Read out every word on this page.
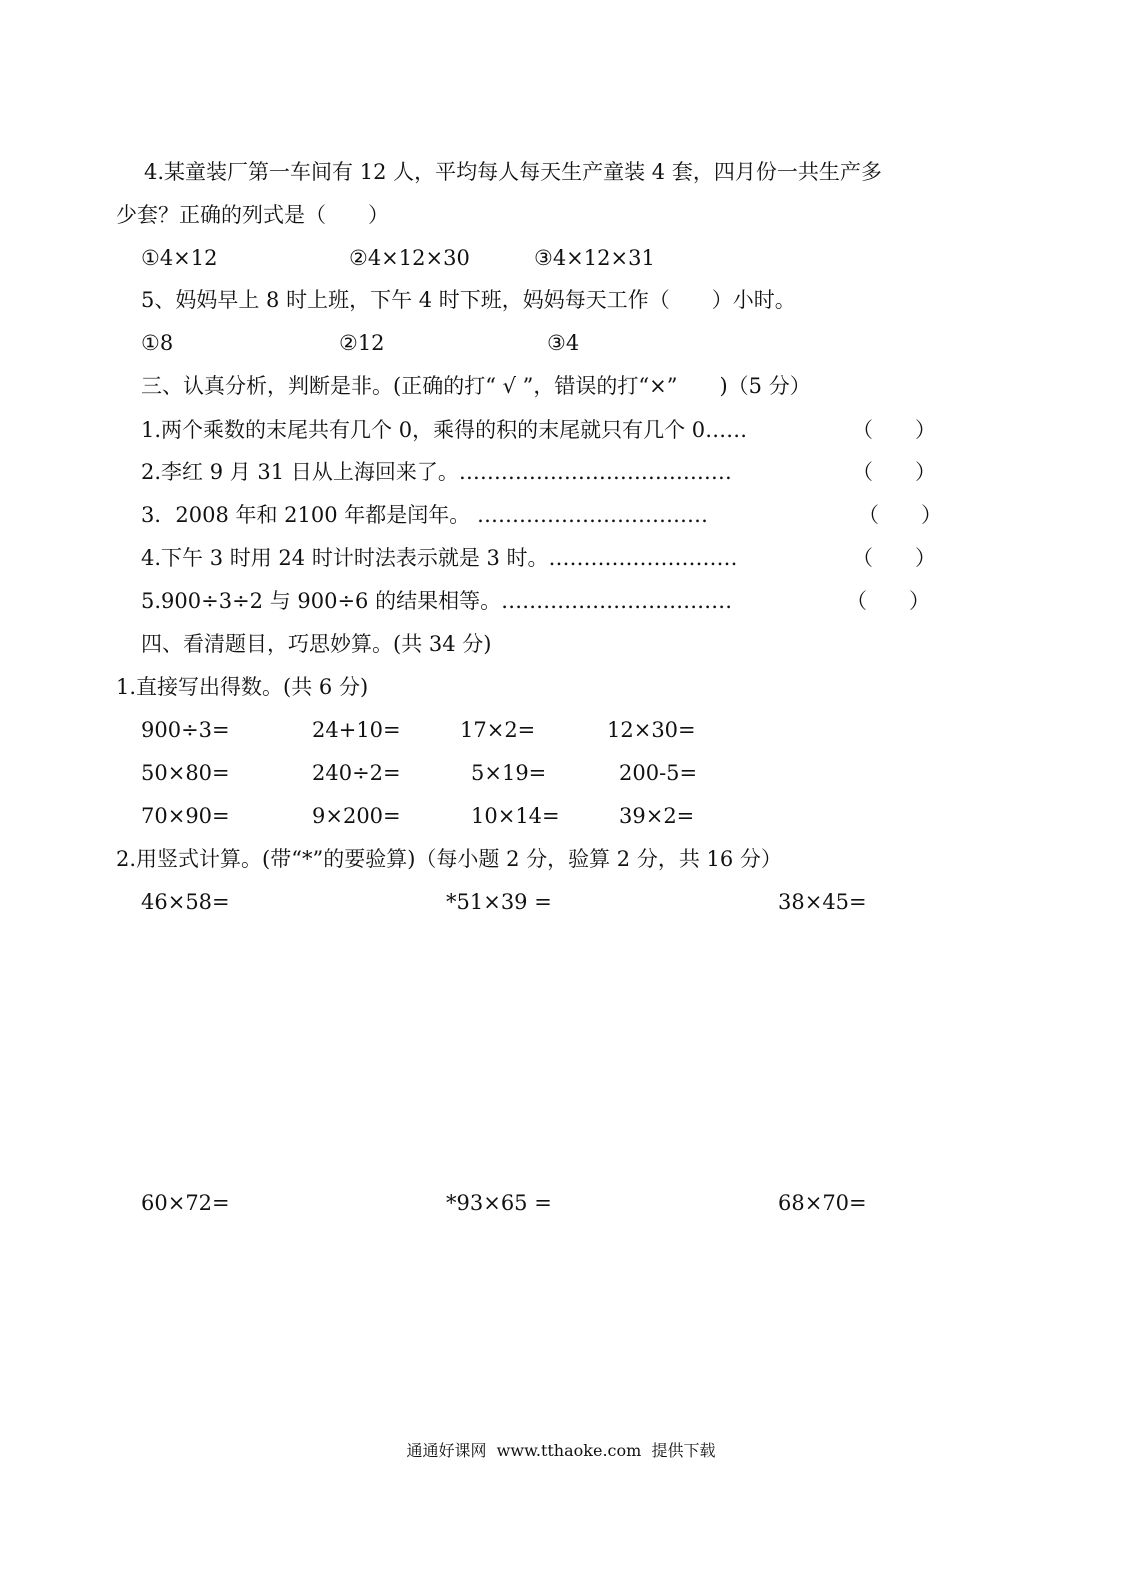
4.某童装厂第一车间有 12 人，平均每人每天生产童装 4 套，四月份一共生产多
少套？正确的列式是（　　）
①4×12	②4×12×30	③4×12×31
5、妈妈早上 8 时上班，下午 4 时下班，妈妈每天工作（　　）小时。
①8	②12	③4
三、认真分析，判断是非。(正确的打“ √ ”，错误的打“×”　　)（5 分）
1.两个乘数的末尾共有几个 0，乘得的积的末尾就只有几个 0……	（　　）
2.李红 9 月 31 日从上海回来了。…………………………………	（　　）
3．2008 年和 2100 年都是闰年。 ……………………………	（　　）
4.下午 3 时用 24 时计时法表示就是 3 时。………………………	（　　）
5.900÷3÷2 与 900÷6 的结果相等。……………………………	（　　）
四、看清题目，巧思妙算。(共 34 分)
1.直接写出得数。(共 6 分)
900÷3=	24+10=	17×2=	12×30=
50×80=	240÷2=	5×19=	200-5=
70×90=	9×200=	10×14=	39×2=
2.用竖式计算。(带“*”的要验算)（每小题 2 分，验算 2 分，共 16 分）
46×58=	*51×39 =	38×45=
60×72=	*93×65 =	68×70=
通通好课网  www.tthaoke.com  提供下载
